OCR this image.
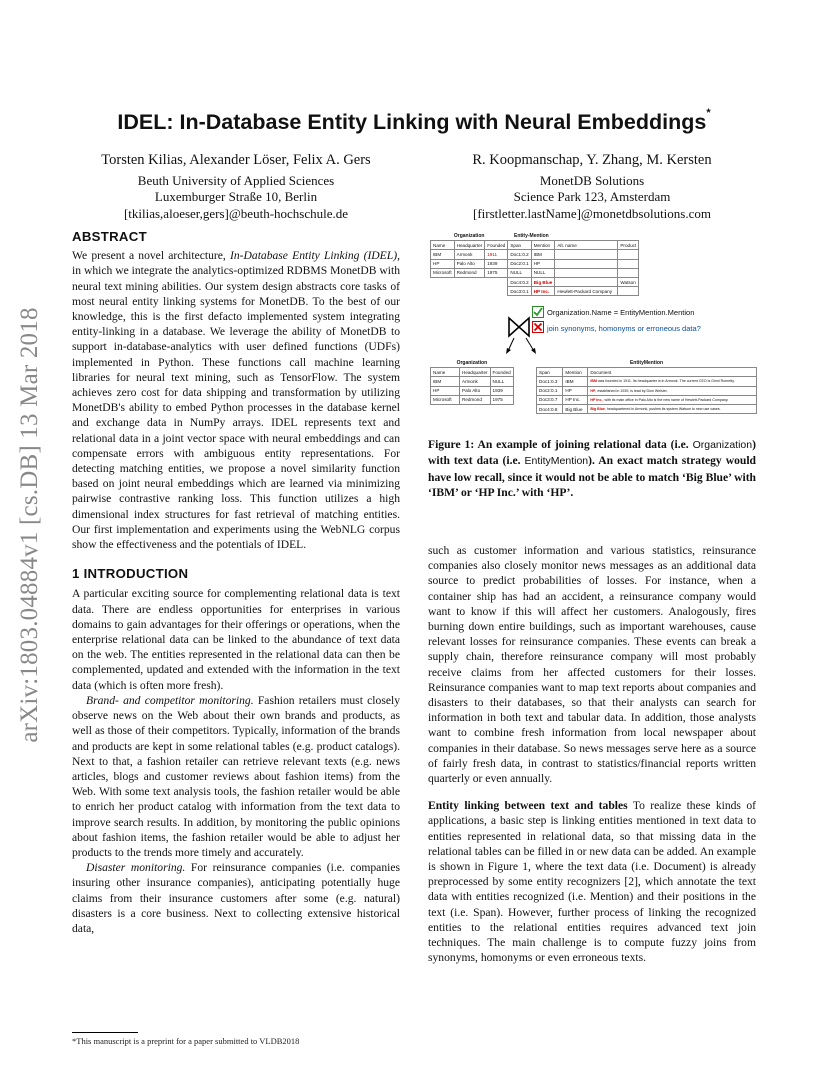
arXiv:1803.04884v1 [cs.DB] 13 Mar 2018
IDEL: In-Database Entity Linking with Neural Embeddings*
Torsten Kilias, Alexander Löser, Felix A. Gers
Beuth University of Applied Sciences
Luxemburger Straße 10, Berlin
[tkilias,aloeser,gers]@beuth-hochschule.de
R. Koopmanschap, Y. Zhang, M. Kersten
MonetDB Solutions
Science Park 123, Amsterdam
[firstletter.lastName]@monetdbsolutions.com
ABSTRACT

We present a novel architecture, In-Database Entity Linking (IDEL), in which we integrate the analytics-optimized RDBMS MonetDB with neural text mining abilities. Our system design abstracts core tasks of most neural entity linking systems for MonetDB. To the best of our knowledge, this is the first defacto implemented system integrating entity-linking in a database. We leverage the ability of MonetDB to support in-database-analytics with user defined functions (UDFs) implemented in Python. These functions call machine learning libraries for neural text mining, such as TensorFlow. The system achieves zero cost for data shipping and transformation by utilizing MonetDB's ability to embed Python processes in the database kernel and exchange data in NumPy arrays. IDEL represents text and relational data in a joint vector space with neural embeddings and can compensate errors with ambiguous entity representations. For detecting matching entities, we propose a novel similarity function based on joint neural embeddings which are learned via minimizing pairwise contrastive ranking loss. This function utilizes a high dimensional index structures for fast retrieval of matching entities. Our first implementation and experiments using the WebNLG corpus show the effectiveness and the potentials of IDEL.

1 INTRODUCTION

A particular exciting source for complementing relational data is text data. There are endless opportunities for enterprises in various domains to gain advantages for their offerings or operations, when the enterprise relational data can be linked to the abundance of text data on the web. The entities represented in the relational data can then be complemented, updated and extended with the information in the text data (which is often more fresh).

Brand- and competitor monitoring. Fashion retailers must closely observe news on the Web about their own brands and products, as well as those of their competitors. Typically, information of the brands and products are kept in some relational tables (e.g. product catalogs). Next to that, a fashion retailer can retrieve relevant texts (e.g. news articles, blogs and customer reviews about fashion items) from the Web. With some text analysis tools, the fashion retailer would be able to enrich her product catalog with information from the text data to improve search results. In addition, by monitoring the public opinions about fashion items, the fashion retailer would be able to adjust her products to the trends more timely and accurately.

Disaster monitoring. For reinsurance companies (i.e. companies insuring other insurance companies), anticipating potentially huge claims from their insurance customers after some (e.g. natural) disasters is a core business. Next to collecting extensive historical data,

*This manuscript is a preprint for a paper submitted to VLDB2018
Organization			Entity-Mention			
Name	Headquarter	Founded	Span	Mention	Alt. name	Product
IBM	Armonk	1911	Doc1:0.2	IBM		
HP	Palo Alto	1939	Doc2:0.1	HP		
Microsoft	Redmond	1975	NULL	NULL		
			Doc4:0.2	Big Blue		Watson
			Doc3:0.1	HP Inc.	Hewlett-Packard Company	
Organization.Name = EntityMention.Mention
join synonyms, homonyms or erroneous data?
Organization		
Name	Headquarter	Founded
IBM	Armonk	NULL
HP	Palo Alto	1939
Microsoft	Redmond	1975
EntityMention		
Span	Mention	Document
Doc1:0.3	IBM	IBM was founded in 1911. Its headquarter is in Armonk. The current CEO is Ginni Rometty.
Doc2:0.1	HP	HP, established in 1939, is lead by Dion Weisler.
Doc3:0.7	HP Inc.	HP Inc., with its main office in Palo Alto is the new name of Hewlett-Packard Company.
Doc4:0.8	Big Blue	Big Blue, headquartered in Armonk, pushes its system Watson to new use cases.
Figure 1: An example of joining relational data (i.e. Organization) with text data (i.e. EntityMention). An exact match strategy would have low recall, since it would not be able to match ‘Big Blue’ with ‘IBM’ or ‘HP Inc.’ with ‘HP’.

such as customer information and various statistics, reinsurance companies also closely monitor news messages as an additional data source to predict probabilities of losses. For instance, when a container ship has had an accident, a reinsurance company would want to know if this will affect her customers. Analogously, fires burning down entire buildings, such as important warehouses, cause relevant losses for reinsurance companies. These events can break a supply chain, therefore reinsurance company will most probably receive claims from her affected customers for their losses. Reinsurance companies want to map text reports about companies and disasters to their databases, so that their analysts can search for information in both text and tabular data. In addition, those analysts want to combine fresh information from local newspaper about companies in their database. So news messages serve here as a source of fairly fresh data, in contrast to statistics/financial reports written quarterly or even annually.

Entity linking between text and tables To realize these kinds of applications, a basic step is linking entities mentioned in text data to entities represented in relational data, so that missing data in the relational tables can be filled in or new data can be added. An example is shown in Figure 1, where the text data (i.e. Document) is already preprocessed by some entity recognizers [2], which annotate the text data with entities recognized (i.e. Mention) and their positions in the text (i.e. Span). However, further process of linking the recognized entities to the relational entities requires advanced text join techniques. The main challenge is to compute fuzzy joins from synonyms, homonyms or even erroneous texts.
